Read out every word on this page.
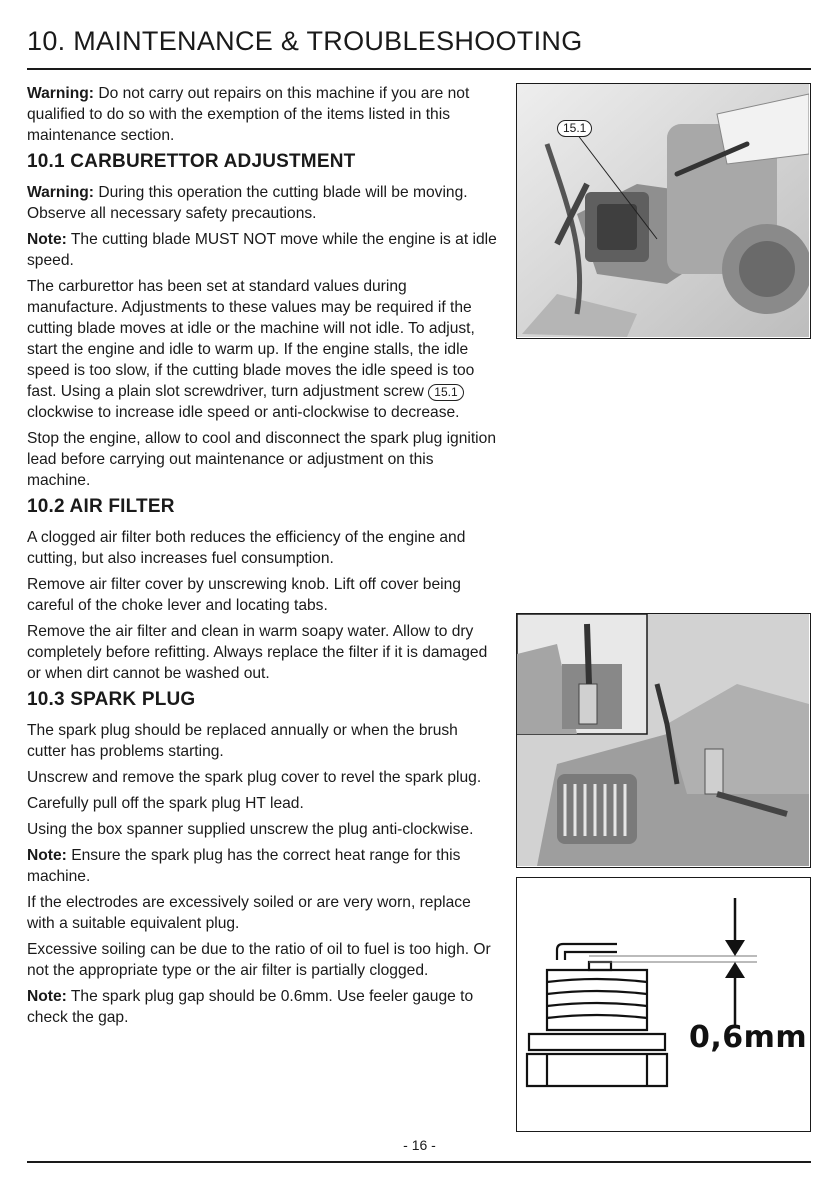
10. MAINTENANCE & TROUBLESHOOTING

Warning: Do not carry out repairs on this machine if you are not qualified to do so with the exemption of the items listed in this maintenance section.

10.1 CARBURETTOR ADJUSTMENT

Warning: During this operation the cutting blade will be moving. Observe all necessary safety precautions.

Note: The cutting blade MUST NOT move while the engine is at idle speed.

The carburettor has been set at standard values during manufacture. Adjustments to these values may be required if the cutting blade moves at idle or the machine will not idle. To adjust, start the engine and idle to warm up. If the engine stalls, the idle speed is too slow, if the cutting blade moves the idle speed is too fast. Using a plain slot screwdriver, turn adjustment screw 15.1 clockwise to increase idle speed or anti-clockwise to decrease.

Stop the engine, allow to cool and disconnect the spark plug ignition lead before carrying out maintenance or adjustment on this machine.

10.2 AIR FILTER

A clogged air filter both reduces the efficiency of the engine and cutting, but also increases fuel consumption.

Remove air filter cover by unscrewing knob. Lift off cover being careful of the choke lever and locating tabs.

Remove the air filter and clean in warm soapy water. Allow to dry completely before refitting. Always replace the filter if it is damaged or when dirt cannot be washed out.

10.3 SPARK PLUG

The spark plug should be replaced annually or when the brush cutter has problems starting.

Unscrew and remove the spark plug cover to revel the spark plug.

Carefully pull off the spark plug HT lead.

Using the box spanner supplied unscrew the plug anti-clockwise.

Note: Ensure the spark plug has the correct heat range for this machine.

If the electrodes are excessively soiled or are very worn, replace with a suitable equivalent plug.

Excessive soiling can be due to the ratio of oil to fuel is too high. Or not the appropriate type or the air filter is partially clogged.

Note: The spark plug gap should be 0.6mm. Use feeler gauge to check the gap.

15.1
0,6mm
- 16 -
